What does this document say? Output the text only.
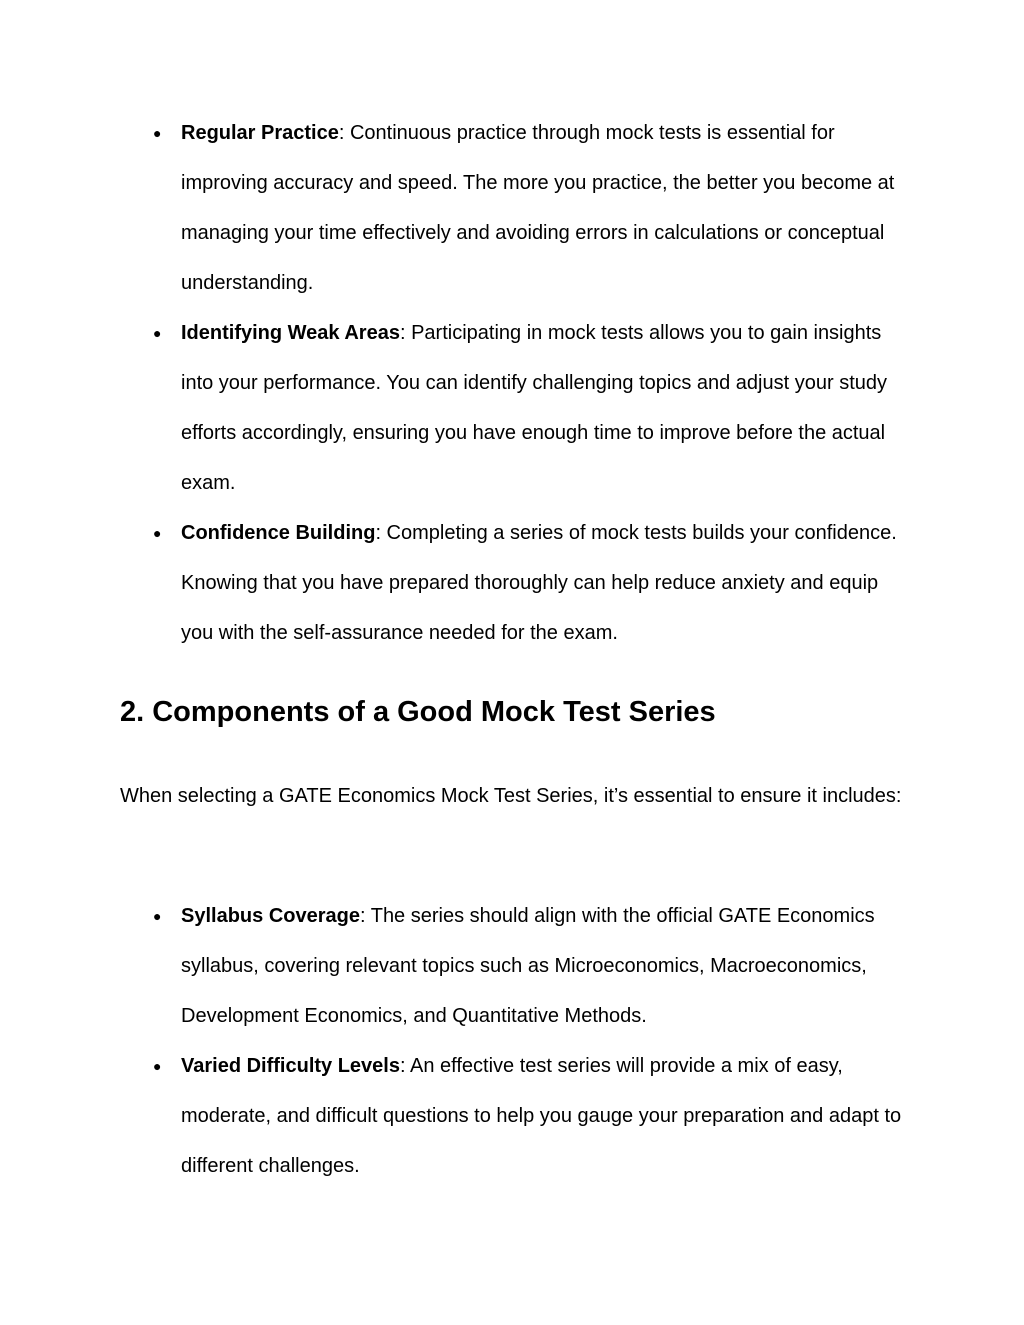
● Regular Practice: Continuous practice through mock tests is essential for improving accuracy and speed. The more you practice, the better you become at managing your time effectively and avoiding errors in calculations or conceptual understanding.
● Identifying Weak Areas: Participating in mock tests allows you to gain insights into your performance. You can identify challenging topics and adjust your study efforts accordingly, ensuring you have enough time to improve before the actual exam.
● Confidence Building: Completing a series of mock tests builds your confidence. Knowing that you have prepared thoroughly can help reduce anxiety and equip you with the self-assurance needed for the exam.
2. Components of a Good Mock Test Series

When selecting a GATE Economics Mock Test Series, it’s essential to ensure it includes:

● Syllabus Coverage: The series should align with the official GATE Economics syllabus, covering relevant topics such as Microeconomics, Macroeconomics, Development Economics, and Quantitative Methods.
● Varied Difficulty Levels: An effective test series will provide a mix of easy, moderate, and difficult questions to help you gauge your preparation and adapt to different challenges.
